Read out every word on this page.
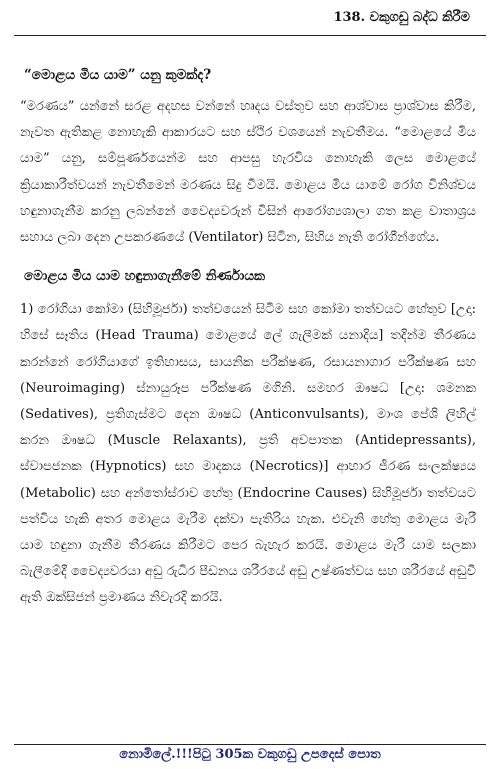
138. වකුගඩු බද්ධ කිරීම
“මොළය මිය යාම” යනු කුමක්ද?

“මරණය” යන්නේ සරළ අදහස වන්නේ හෘදය වස්තුව සහ ආශ්වාස ප්‍රාශ්වාස කිරීම, නැවත ඇතිකළ නොහැකි ආකාරයට සහ ස්ථිර වශයෙන් නැවතීමය. “මොළයේ මිය යාම” යනු, සම්පූර්ණයෙන්ම සහ ආපසු හැරවිය නොහැකි ලෙස මොළයේ ක්‍රියාකාරීත්වයන් නැවතීමෙන් මරණය සිදු වීමයි. මොළය මිය යාමේ රෝග විනිශ්චය හඳුනාගැනීම කරනු ලබන්නේ වෛද්‍යවරුන් විසින් ආරෝග්‍යශාලා ගත කළ වාතාශ්‍රය සහාය ලබා දෙන උපකරණයේ (Ventilator) සිටින, සිහිය නැති රෝගීන්ගේය.

මොළය මිය යාම හඳුනාගැනීමේ නිර්ණායක

1) රෝගියා කෝමා (සිහිමූර්ජා) තත්වයෙන් සිටීම සහ කෝමා තත්වයට හේතුව [උදා: හිසේ සෑතිය (Head Trauma) මොළයේ ලේ ගැලීමක් යනාදිය] තදින්ම තීරණය කරන්නේ රෝගියාගේ ඉතිහාසය, සායනික පරීක්ෂණ, රසායනාගාර පරීක්ෂණ සහ (Neuroimaging) ස්නායුරූප පරීක්ෂණ මගිනි. සමහර ඖෂධ [උදා: ශමනක (Sedatives), ප්‍රතිගැස්මට දෙන ඖෂධ (Anticonvulsants), මාංශ පේශි ලිහිල් කරන ඖෂධ (Muscle Relaxants), ප්‍රති අවපාතක (Antidepressants), ස්වාපජනක (Hypnotics) සහ මාදකය (Necrotics)] ආහාර ජීරණ සංලක්ෂ්‍යය (Metabolic) සහ අන්තෝස්රාව හේතු (Endocrine Causes) සිහිමූර්ජා තත්වයට පත්විය හැකි අතර මොළය මැරීම දක්වා පැතිරිය හැක. එවැනි හේතු මොළය මැරී යාම හඳුනා ගැනීම තීරණය කිරීමට පෙර බැහැර කරයි. මොළය මැරී යාම සලකා බැලීමේදී වෛද්‍යවරයා අඩු රුධිර පීඩනය ශරීරයේ අඩු උෂ්ණත්වය සහ ශරීරයේ අඩුවී ඇති ඔක්සිජන් ප්‍රමාණය නිවැරදි කරයි.

නොමිලේ.!!!පිටු 305ක වකුගඩු උපදෙස් පොත
